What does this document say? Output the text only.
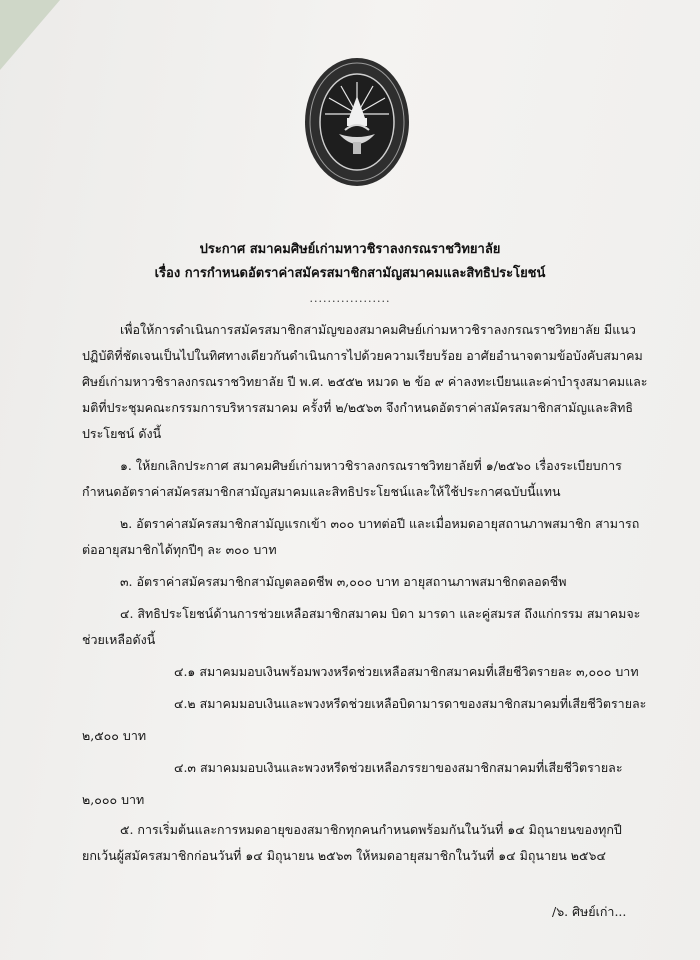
ประกาศ สมาคมศิษย์เก่ามหาวชิราลงกรณราชวิทยาลัย
เรื่อง การกำหนดอัตราค่าสมัครสมาชิกสามัญสมาคมและสิทธิประโยชน์
..................
เพื่อให้การดำเนินการสมัครสมาชิกสามัญของสมาคมศิษย์เก่ามหาวชิราลงกรณราชวิทยาลัย มีแนว
ปฏิบัติที่ชัดเจนเป็นไปในทิศทางเดียวกันดำเนินการไปด้วยความเรียบร้อย อาศัยอำนาจตามข้อบังคับสมาคม
ศิษย์เก่ามหาวชิราลงกรณราชวิทยาลัย ปี พ.ศ. ๒๕๕๒ หมวด ๒ ข้อ ๙ ค่าลงทะเบียนและค่าบำรุงสมาคมและ
มติที่ประชุมคณะกรรมการบริหารสมาคม ครั้งที่ ๒/๒๕๖๓ จึงกำหนดอัตราค่าสมัครสมาชิกสามัญและสิทธิ
ประโยชน์ ดังนี้
๑. ให้ยกเลิกประกาศ สมาคมศิษย์เก่ามหาวชิราลงกรณราชวิทยาลัยที่ ๑/๒๕๖๐ เรื่องระเบียบการ
กำหนดอัตราค่าสมัครสมาชิกสามัญสมาคมและสิทธิประโยชน์และให้ใช้ประกาศฉบับนี้แทน
๒. อัตราค่าสมัครสมาชิกสามัญแรกเข้า ๓๐๐ บาทต่อปี และเมื่อหมดอายุสถานภาพสมาชิก สามารถ
ต่ออายุสมาชิกได้ทุกปีๆ ละ ๓๐๐ บาท
๓. อัตราค่าสมัครสมาชิกสามัญตลอดชีพ ๓,๐๐๐ บาท อายุสถานภาพสมาชิกตลอดชีพ
๔. สิทธิประโยชน์ด้านการช่วยเหลือสมาชิกสมาคม บิดา มารดา และคู่สมรส ถึงแก่กรรม สมาคมจะ
ช่วยเหลือดังนี้
๔.๑ สมาคมมอบเงินพร้อมพวงหรีดช่วยเหลือสมาชิกสมาคมที่เสียชีวิตรายละ ๓,๐๐๐ บาท
๔.๒ สมาคมมอบเงินและพวงหรีดช่วยเหลือบิดามารดาของสมาชิกสมาคมที่เสียชีวิตรายละ
๒,๕๐๐ บาท
๔.๓ สมาคมมอบเงินและพวงหรีดช่วยเหลือภรรยาของสมาชิกสมาคมที่เสียชีวิตรายละ
๒,๐๐๐ บาท
๕. การเริ่มต้นและการหมดอายุของสมาชิกทุกคนกำหนดพร้อมกันในวันที่ ๑๔ มิถุนายนของทุกปี
ยกเว้นผู้สมัครสมาชิกก่อนวันที่ ๑๔ มิถุนายน ๒๕๖๓ ให้หมดอายุสมาชิกในวันที่ ๑๔ มิถุนายน ๒๕๖๔
/๖. ศิษย์เก่า...
